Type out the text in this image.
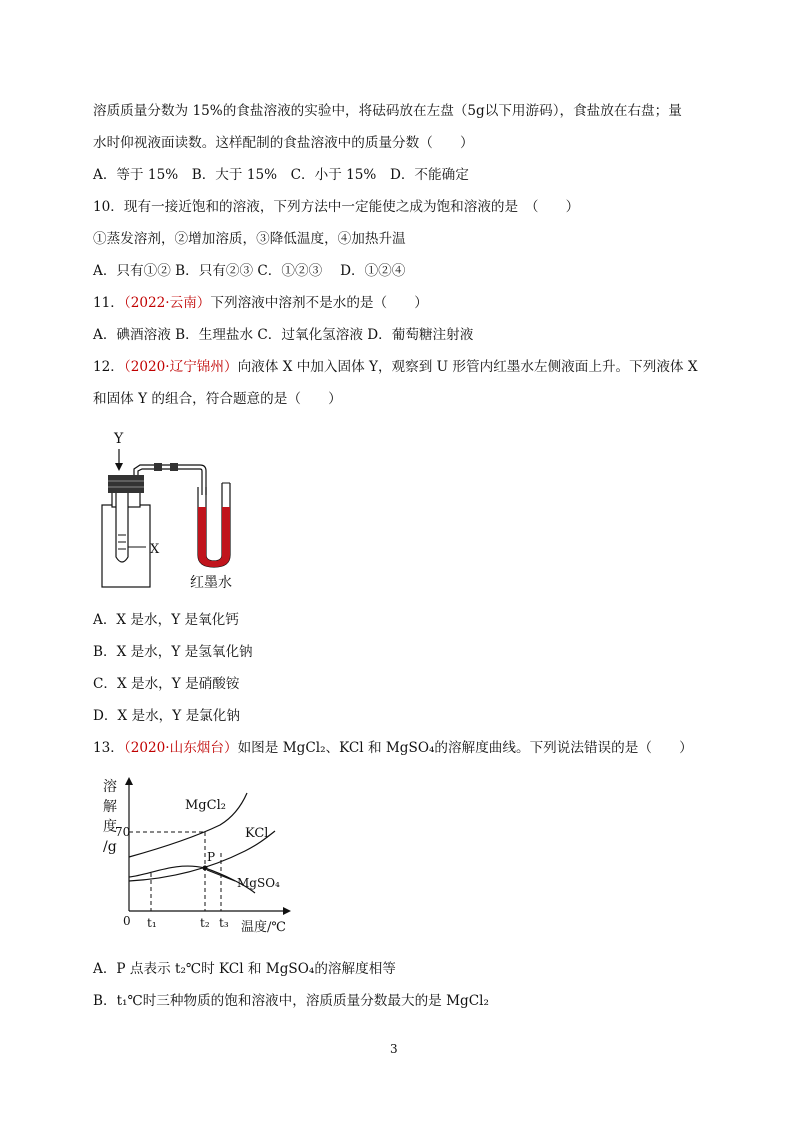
溶质质量分数为 15%的食盐溶液的实验中，将砝码放在左盘（5g以下用游码），食盐放在右盘；量
水时仰视液面读数。这样配制的食盐溶液中的质量分数（　　）
A．等于 15%　B．大于 15%　C．小于 15%　D．不能确定
10．现有一接近饱和的溶液，下列方法中一定能使之成为饱和溶液的是　（　　）
①蒸发溶剂，②增加溶质，③降低温度，④加热升温
A．只有①② B．只有②③ C．①②③　 D．①②④
11．（2022·云南）下列溶液中溶剂不是水的是（　　）
A．碘酒溶液 B．生理盐水 C．过氧化氢溶液 D．葡萄糖注射液
12．（2020·辽宁锦州）向液体 X 中加入固体 Y，观察到 U 形管内红墨水左侧液面上升。下列液体 X
和固体 Y 的组合，符合题意的是（　　）
Y
X
红墨水
A．X 是水，Y 是氧化钙
B．X 是水，Y 是氢氧化钠
C．X 是水，Y 是硝酸铵
D．X 是水，Y 是氯化钠
13．（2020·山东烟台）如图是 MgCl₂、KCl 和 MgSO₄的溶解度曲线。下列说法错误的是（　　）
溶
解
度
/g
0	温度/℃
70
P
MgCl₂
KCl
MgSO₄
t₁	t₂ t₃
A．P 点表示 t₂℃时 KCl 和 MgSO₄的溶解度相等
B．t₁℃时三种物质的饱和溶液中，溶质质量分数最大的是 MgCl₂
3
